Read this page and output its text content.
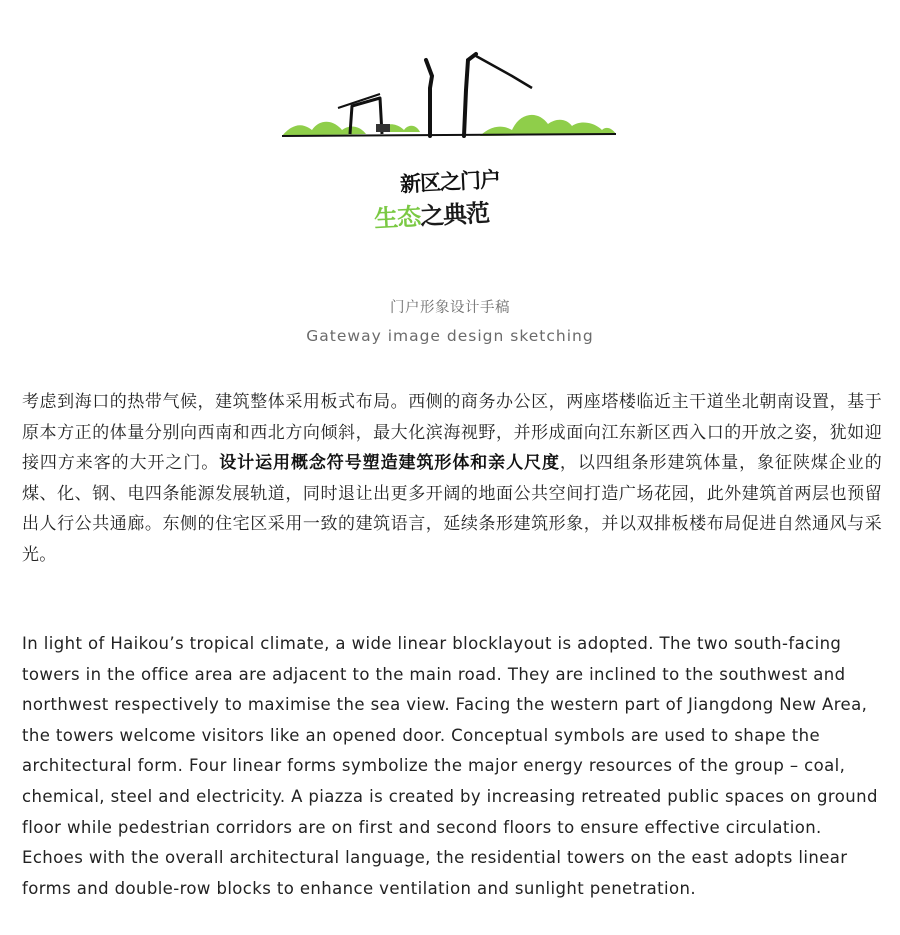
新区之门户
生态之典范
门户形象设计手稿
Gateway image design sketching

考虑到海口的热带气候，建筑整体采用板式布局。西侧的商务办公区，两座塔楼临近主干道坐北朝南设置，基于原本方正的体量分别向西南和西北方向倾斜，最大化滨海视野，并形成面向江东新区西入口的开放之姿，犹如迎接四方来客的大开之门。设计运用概念符号塑造建筑形体和亲人尺度，以四组条形建筑体量，象征陕煤企业的煤、化、钢、电四条能源发展轨道，同时退让出更多开阔的地面公共空间打造广场花园，此外建筑首两层也预留出人行公共通廊。东侧的住宅区采用一致的建筑语言，延续条形建筑形象，并以双排板楼布局促进自然通风与采光。

In light of Haikou’s tropical climate, a wide linear blocklayout is adopted. The two south-facing towers in the office area are adjacent to the main road. They are inclined to the southwest and northwest respectively to maximise the sea view. Facing the western part of Jiangdong New Area, the towers welcome visitors like an opened door. Conceptual symbols are used to shape the architectural form. Four linear forms symbolize the major energy resources of the group – coal, chemical, steel and electricity. A piazza is created by increasing retreated public spaces on ground floor while pedestrian corridors are on first and second floors to ensure effective circulation. Echoes with the overall architectural language, the residential towers on the east adopts linear forms and double-row blocks to enhance ventilation and sunlight penetration.
